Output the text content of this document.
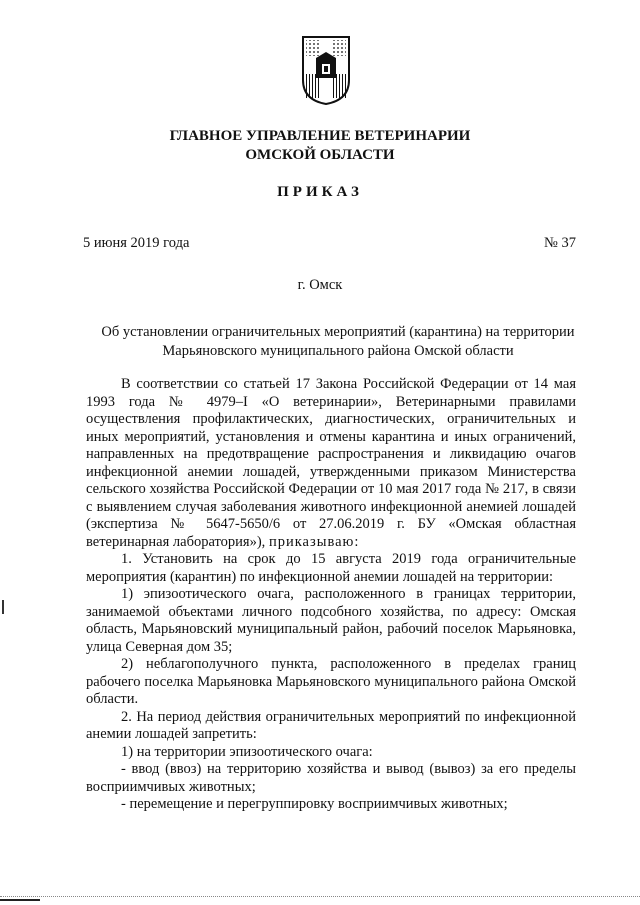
ГЛАВНОЕ УПРАВЛЕНИЕ ВЕТЕРИНАРИИ
ОМСКОЙ ОБЛАСТИ
ПРИКАЗ
5 июня 2019 года	№ 37
г. Омск
Об установлении ограничительных мероприятий (карантина) на территории Марьяновского муниципального района Омской области

В соответствии со статьей 17 Закона Российской Федерации от 14 мая 1993 года № 4979–I «О ветеринарии», Ветеринарными правилами осуществления профилактических, диагностических, ограничительных и иных мероприятий, установления и отмены карантина и иных ограничений, направленных на предотвращение распространения и ликвидацию очагов инфекционной анемии лошадей, утвержденными приказом Министерства сельского хозяйства Российской Федерации от 10 мая 2017 года № 217, в связи с выявлением случая заболевания животного инфекционной анемией лошадей (экспертиза № 5647-5650/6 от 27.06.2019 г. БУ «Омская областная ветеринарная лаборатория»), приказываю:

1. Установить на срок до 15 августа 2019 года ограничительные мероприятия (карантин) по инфекционной анемии лошадей на территории:

1) эпизоотического очага, расположенного в границах территории, занимаемой объектами личного подсобного хозяйства, по адресу: Омская область, Марьяновский муниципальный район, рабочий поселок Марьяновка, улица Северная дом 35;

2) неблагополучного пункта, расположенного в пределах границ рабочего поселка Марьяновка Марьяновского муниципального района Омской области.

2. На период действия ограничительных мероприятий по инфекционной анемии лошадей запретить:

1) на территории эпизоотического очага:

- ввод (ввоз) на территорию хозяйства и вывод (вывоз) за его пределы восприимчивых животных;

- перемещение и перегруппировку восприимчивых животных;
